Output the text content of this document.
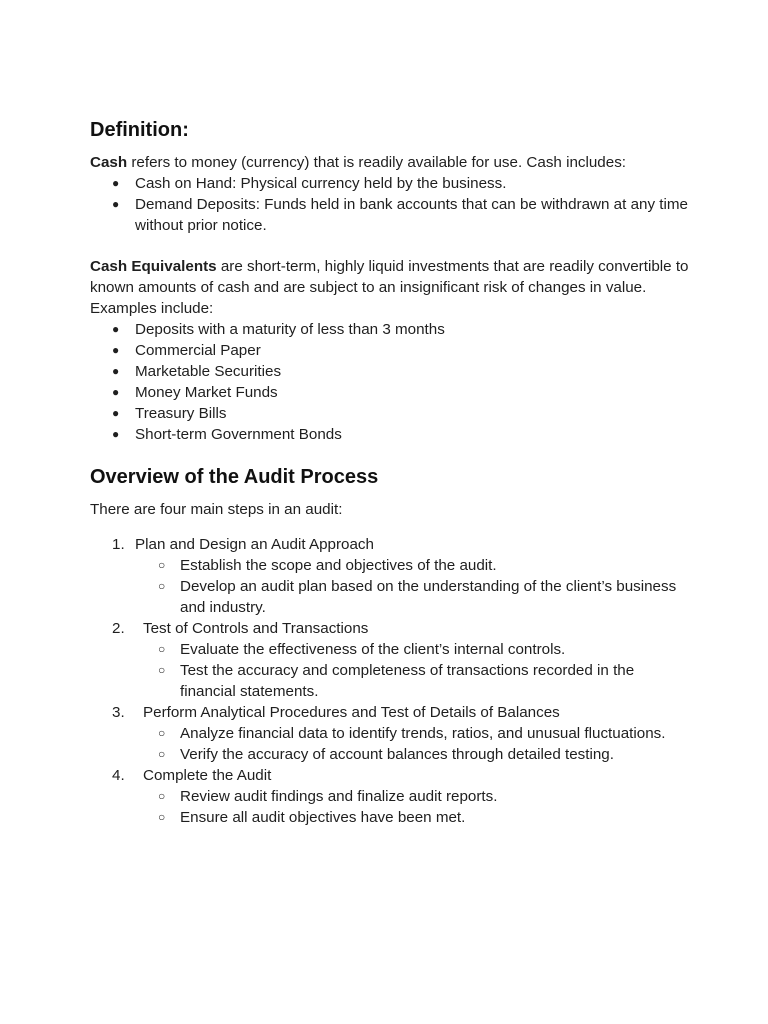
Definition:

Cash refers to money (currency) that is readily available for use. Cash includes:

● Cash on Hand: Physical currency held by the business.
● Demand Deposits: Funds held in bank accounts that can be withdrawn at any time without prior notice.

Cash Equivalents are short-term, highly liquid investments that are readily convertible to known amounts of cash and are subject to an insignificant risk of changes in value. Examples include:

● Deposits with a maturity of less than 3 months
● Commercial Paper
● Marketable Securities
● Money Market Funds
● Treasury Bills
● Short-term Government Bonds
Overview of the Audit Process

There are four main steps in an audit:

1. Plan and Design an Audit Approach
○ Establish the scope and objectives of the audit.
○ Develop an audit plan based on the understanding of the client’s business and industry.
2. Test of Controls and Transactions
○ Evaluate the effectiveness of the client’s internal controls.
○ Test the accuracy and completeness of transactions recorded in the financial statements.
3. Perform Analytical Procedures and Test of Details of Balances
○ Analyze financial data to identify trends, ratios, and unusual fluctuations.
○ Verify the accuracy of account balances through detailed testing.
4. Complete the Audit
○ Review audit findings and finalize audit reports.
○ Ensure all audit objectives have been met.
